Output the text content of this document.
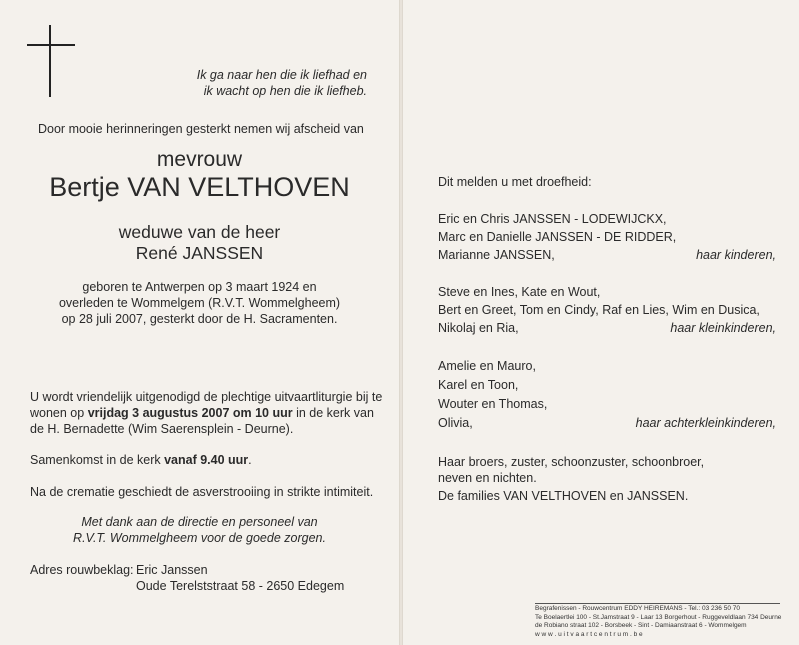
Ik ga naar hen die ik liefhad en
ik wacht op hen die ik liefheb.
Door mooie herinneringen gesterkt nemen wij afscheid van
mevrouw
Bertje VAN VELTHOVEN
weduwe van de heer
René JANSSEN
geboren te Antwerpen op 3 maart 1924 en
overleden te Wommelgem (R.V.T. Wommelgheem)
op 28 juli 2007, gesterkt door de H. Sacramenten.
U wordt vriendelijk uitgenodigd de plechtige uitvaartliturgie bij te
wonen op vrijdag 3 augustus 2007 om 10 uur in de kerk van
de H. Bernadette (Wim Saerensplein - Deurne).
Samenkomst in de kerk vanaf 9.40 uur.
Na de crematie geschiedt de asverstrooiing in strikte intimiteit.
Met dank aan de directie en personeel van
R.V.T. Wommelgheem voor de goede zorgen.
Adres rouwbeklag: Eric Janssen
Oude Terelststraat 58 - 2650 Edegem
Dit melden u met droefheid:
Eric en Chris JANSSEN - LODEWIJCKX,
Marc en Danielle JANSSEN - DE RIDDER,
Marianne JANSSEN,	haar kinderen,
Steve en Ines, Kate en Wout,
Bert en Greet, Tom en Cindy, Raf en Lies, Wim en Dusica,
Nikolaj en Ria,	haar kleinkinderen,
Amelie en Mauro,
Karel en Toon,
Wouter en Thomas,
Olivia,	haar achterkleinkinderen,
Haar broers, zuster, schoonzuster, schoonbroer,
neven en nichten.
De families VAN VELTHOVEN en JANSSEN.
Begrafenissen - Rouwcentrum EDDY HEIREMANS - Tel.: 03 236 50 70
Te Boelaertlei 100 - St.Jamstraat 9 - Laar 13 Borgerhout - Ruggeveldlaan 734 Deurne
de Robiano straat 102 - Borsbeek - Sint - Damiaanstraat 6 - Wommelgem
w w w . u i t v a a r t c e n t r u m . b e
